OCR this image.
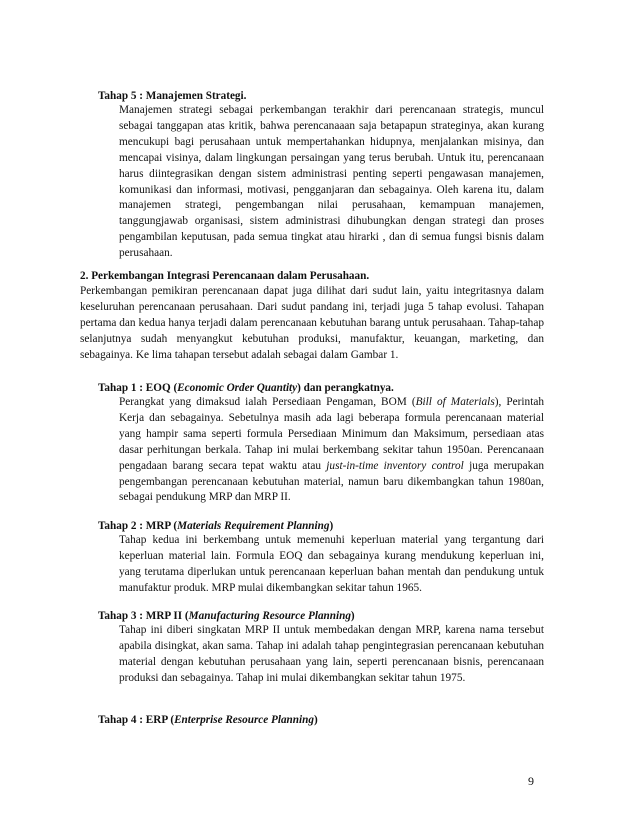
Tahap 5 : Manajemen Strategi.

Manajemen strategi sebagai perkembangan terakhir dari perencanaan strategis, muncul sebagai tanggapan atas kritik, bahwa perencanaaan saja betapapun strateginya, akan kurang mencukupi bagi perusahaan untuk mempertahankan hidupnya, menjalankan misinya, dan mencapai visinya, dalam lingkungan persaingan yang terus berubah. Untuk itu, perencanaan harus diintegrasikan dengan sistem administrasi penting seperti pengawasan manajemen, komunikasi dan informasi, motivasi, pengganjaran dan sebagainya. Oleh karena itu, dalam manajemen strategi, pengembangan nilai perusahaan, kemampuan manajemen, tanggungjawab organisasi, sistem administrasi dihubungkan dengan strategi dan proses pengambilan keputusan, pada semua tingkat atau hirarki , dan di semua fungsi bisnis dalam perusahaan.

2. Perkembangan Integrasi Perencanaan dalam Perusahaan.

Perkembangan pemikiran perencanaan dapat juga dilihat dari sudut lain, yaitu integritasnya dalam keseluruhan perencanaan perusahaan. Dari sudut pandang ini, terjadi juga 5 tahap evolusi. Tahapan pertama dan kedua hanya terjadi dalam perencanaan kebutuhan barang untuk perusahaan. Tahap-tahap selanjutnya sudah menyangkut kebutuhan produksi, manufaktur, keuangan, marketing, dan sebagainya. Ke lima tahapan tersebut adalah sebagai dalam Gambar 1.

Tahap 1 : EOQ (Economic Order Quantity) dan perangkatnya.

Perangkat yang dimaksud ialah Persediaan Pengaman, BOM (Bill of Materials), Perintah Kerja dan sebagainya. Sebetulnya masih ada lagi beberapa formula perencanaan material yang hampir sama seperti formula Persediaan Minimum dan Maksimum, persediaan atas dasar perhitungan berkala. Tahap ini mulai berkembang sekitar tahun 1950an. Perencanaan pengadaan barang secara tepat waktu atau just-in-time inventory control juga merupakan pengembangan perencanaan kebutuhan material, namun baru dikembangkan tahun 1980an, sebagai pendukung MRP dan MRP II.

Tahap 2 : MRP (Materials Requirement Planning)

Tahap kedua ini berkembang untuk memenuhi keperluan material yang tergantung dari keperluan material lain. Formula EOQ dan sebagainya kurang mendukung keperluan ini, yang terutama diperlukan untuk perencanaan keperluan bahan mentah dan pendukung untuk manufaktur produk. MRP mulai dikembangkan sekitar tahun 1965.

Tahap 3 : MRP II (Manufacturing Resource Planning)

Tahap ini diberi singkatan MRP II untuk membedakan dengan MRP, karena nama tersebut apabila disingkat, akan sama. Tahap ini adalah tahap pengintegrasian perencanaan kebutuhan material dengan kebutuhan perusahaan yang lain, seperti perencanaan bisnis, perencanaan produksi dan sebagainya. Tahap ini mulai dikembangkan sekitar tahun 1975.

Tahap 4 : ERP (Enterprise Resource Planning)
9
